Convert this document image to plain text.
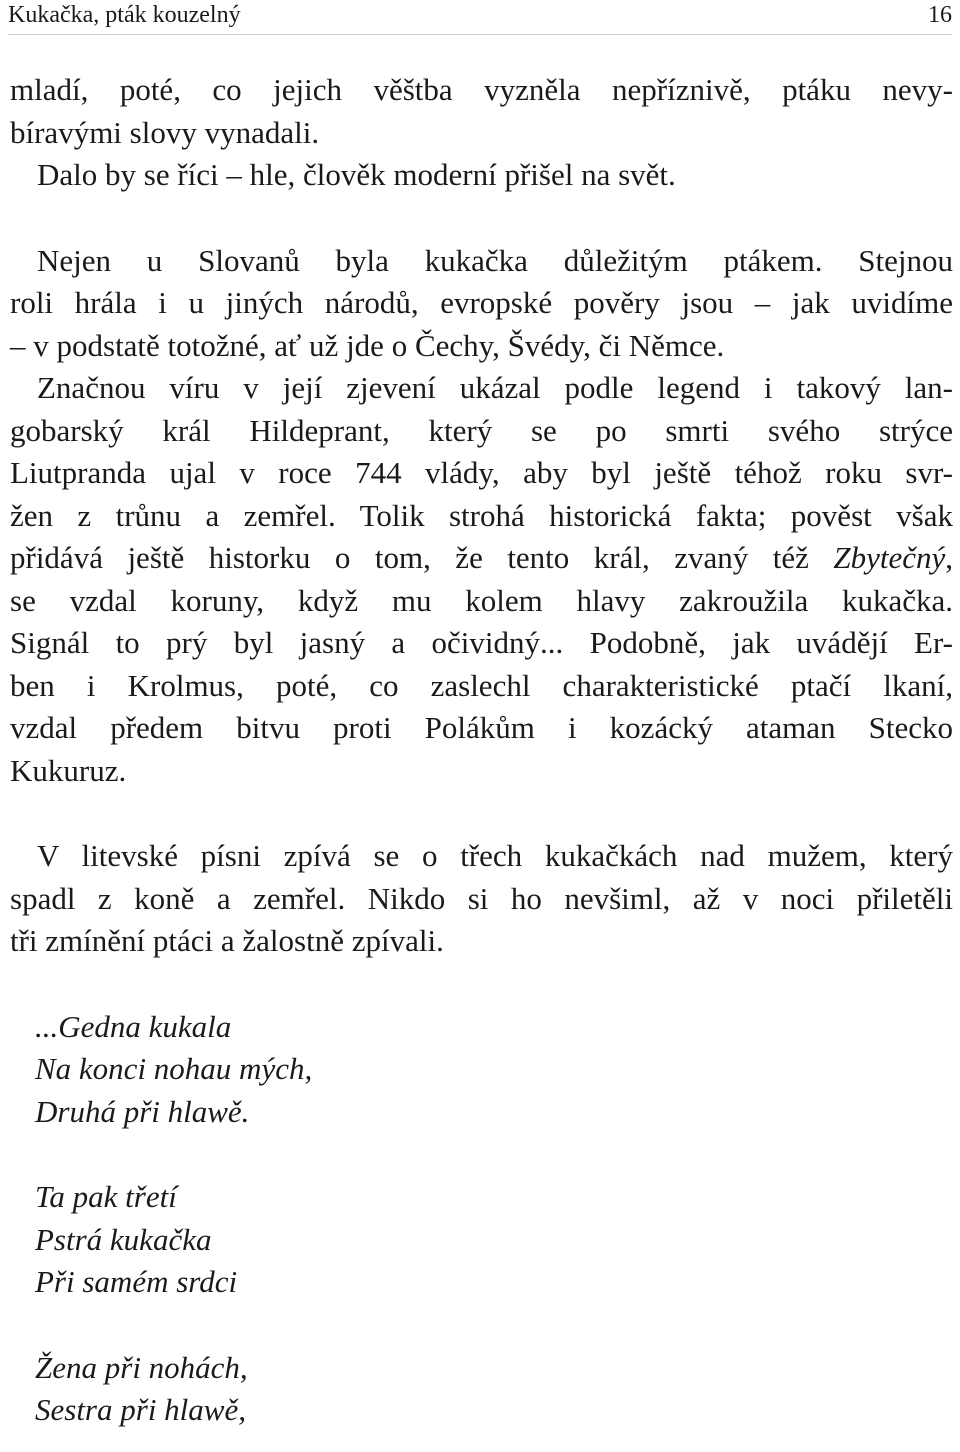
Kukačka, pták kouzelný	16
mladí, poté, co jejich věštba vyzněla nepříznivě, ptáku nevy-
bíravými slovy vynadali.
Dalo by se říci – hle, člověk moderní přišel na svět.
Nejen u Slovanů byla kukačka důležitým ptákem. Stejnou
roli hrála i u jiných národů, evropské pověry jsou – jak uvidíme
– v podstatě totožné, ať už jde o Čechy, Švédy, či Němce.
Značnou víru v její zjevení ukázal podle legend i takový lan-
gobarský král Hildeprant, který se po smrti svého strýce
Liutpranda ujal v roce 744 vlády, aby byl ještě téhož roku svr-
žen z trůnu a zemřel. Tolik strohá historická fakta; pověst však
přidává ještě historku o tom, že tento král, zvaný též Zbytečný,
se vzdal koruny, když mu kolem hlavy zakroužila kukačka.
Signál to prý byl jasný a očividný... Podobně, jak uvádějí Er-
ben i Krolmus, poté, co zaslechl charakteristické ptačí lkaní,
vzdal předem bitvu proti Polákům i kozácký ataman Stecko
Kukuruz.
V litevské písni zpívá se o třech kukačkách nad mužem, který
spadl z koně a zemřel. Nikdo si ho nevšiml, až v noci přiletěli
tři zmínění ptáci a žalostně zpívali.
...Gedna kukala
Na konci nohau mých,
Druhá při hlawě.
Ta pak třetí
Pstrá kukačka
Při samém srdci
Žena při nohách,
Sestra při hlawě,
